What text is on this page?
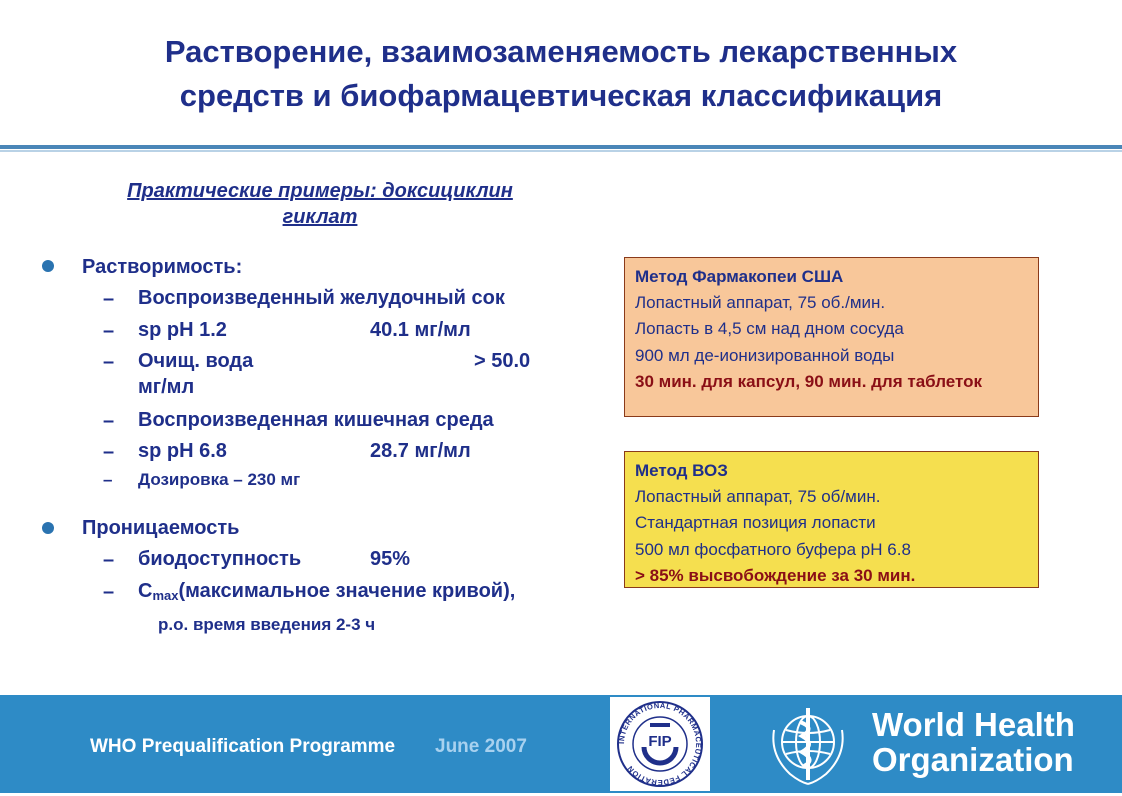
Растворение, взаимозаменяемость лекарственных
средств и биофармацевтическая классификация
Практические примеры: доксициклин
гиклат
Растворимость:
– Воспроизведенный желудочный сок
– sp pH 1.2	40.1 мг/мл
– Очищ. вода	> 50.0
мг/мл
– Воспроизведенная кишечная среда
– sp pH 6.8	28.7 мг/мл
– Дозировка – 230 мг
Проницаемость
– биодоступность	95%
– $C_{max}(максимальное$ значение кривой),
p.o. время введения 2-3 ч
Метод Фармакопеи США
Лопастный аппарат, 75 об./мин.
Лопасть в 4,5 см над дном сосуда
900 мл де-ионизированной воды
30 мин. для капсул, 90 мин. для таблеток
Метод ВОЗ
Лопастный аппарат, 75 об/мин.
Стандартная позиция лопасти
500 мл фосфатного буфера pH 6.8
> 85% высвобождение за 30 мин.
WHO Prequalification Programme June 2007	FIP
INTERNATIONAL PHARMACEUTICAL FEDERATION
World Health
Organization
